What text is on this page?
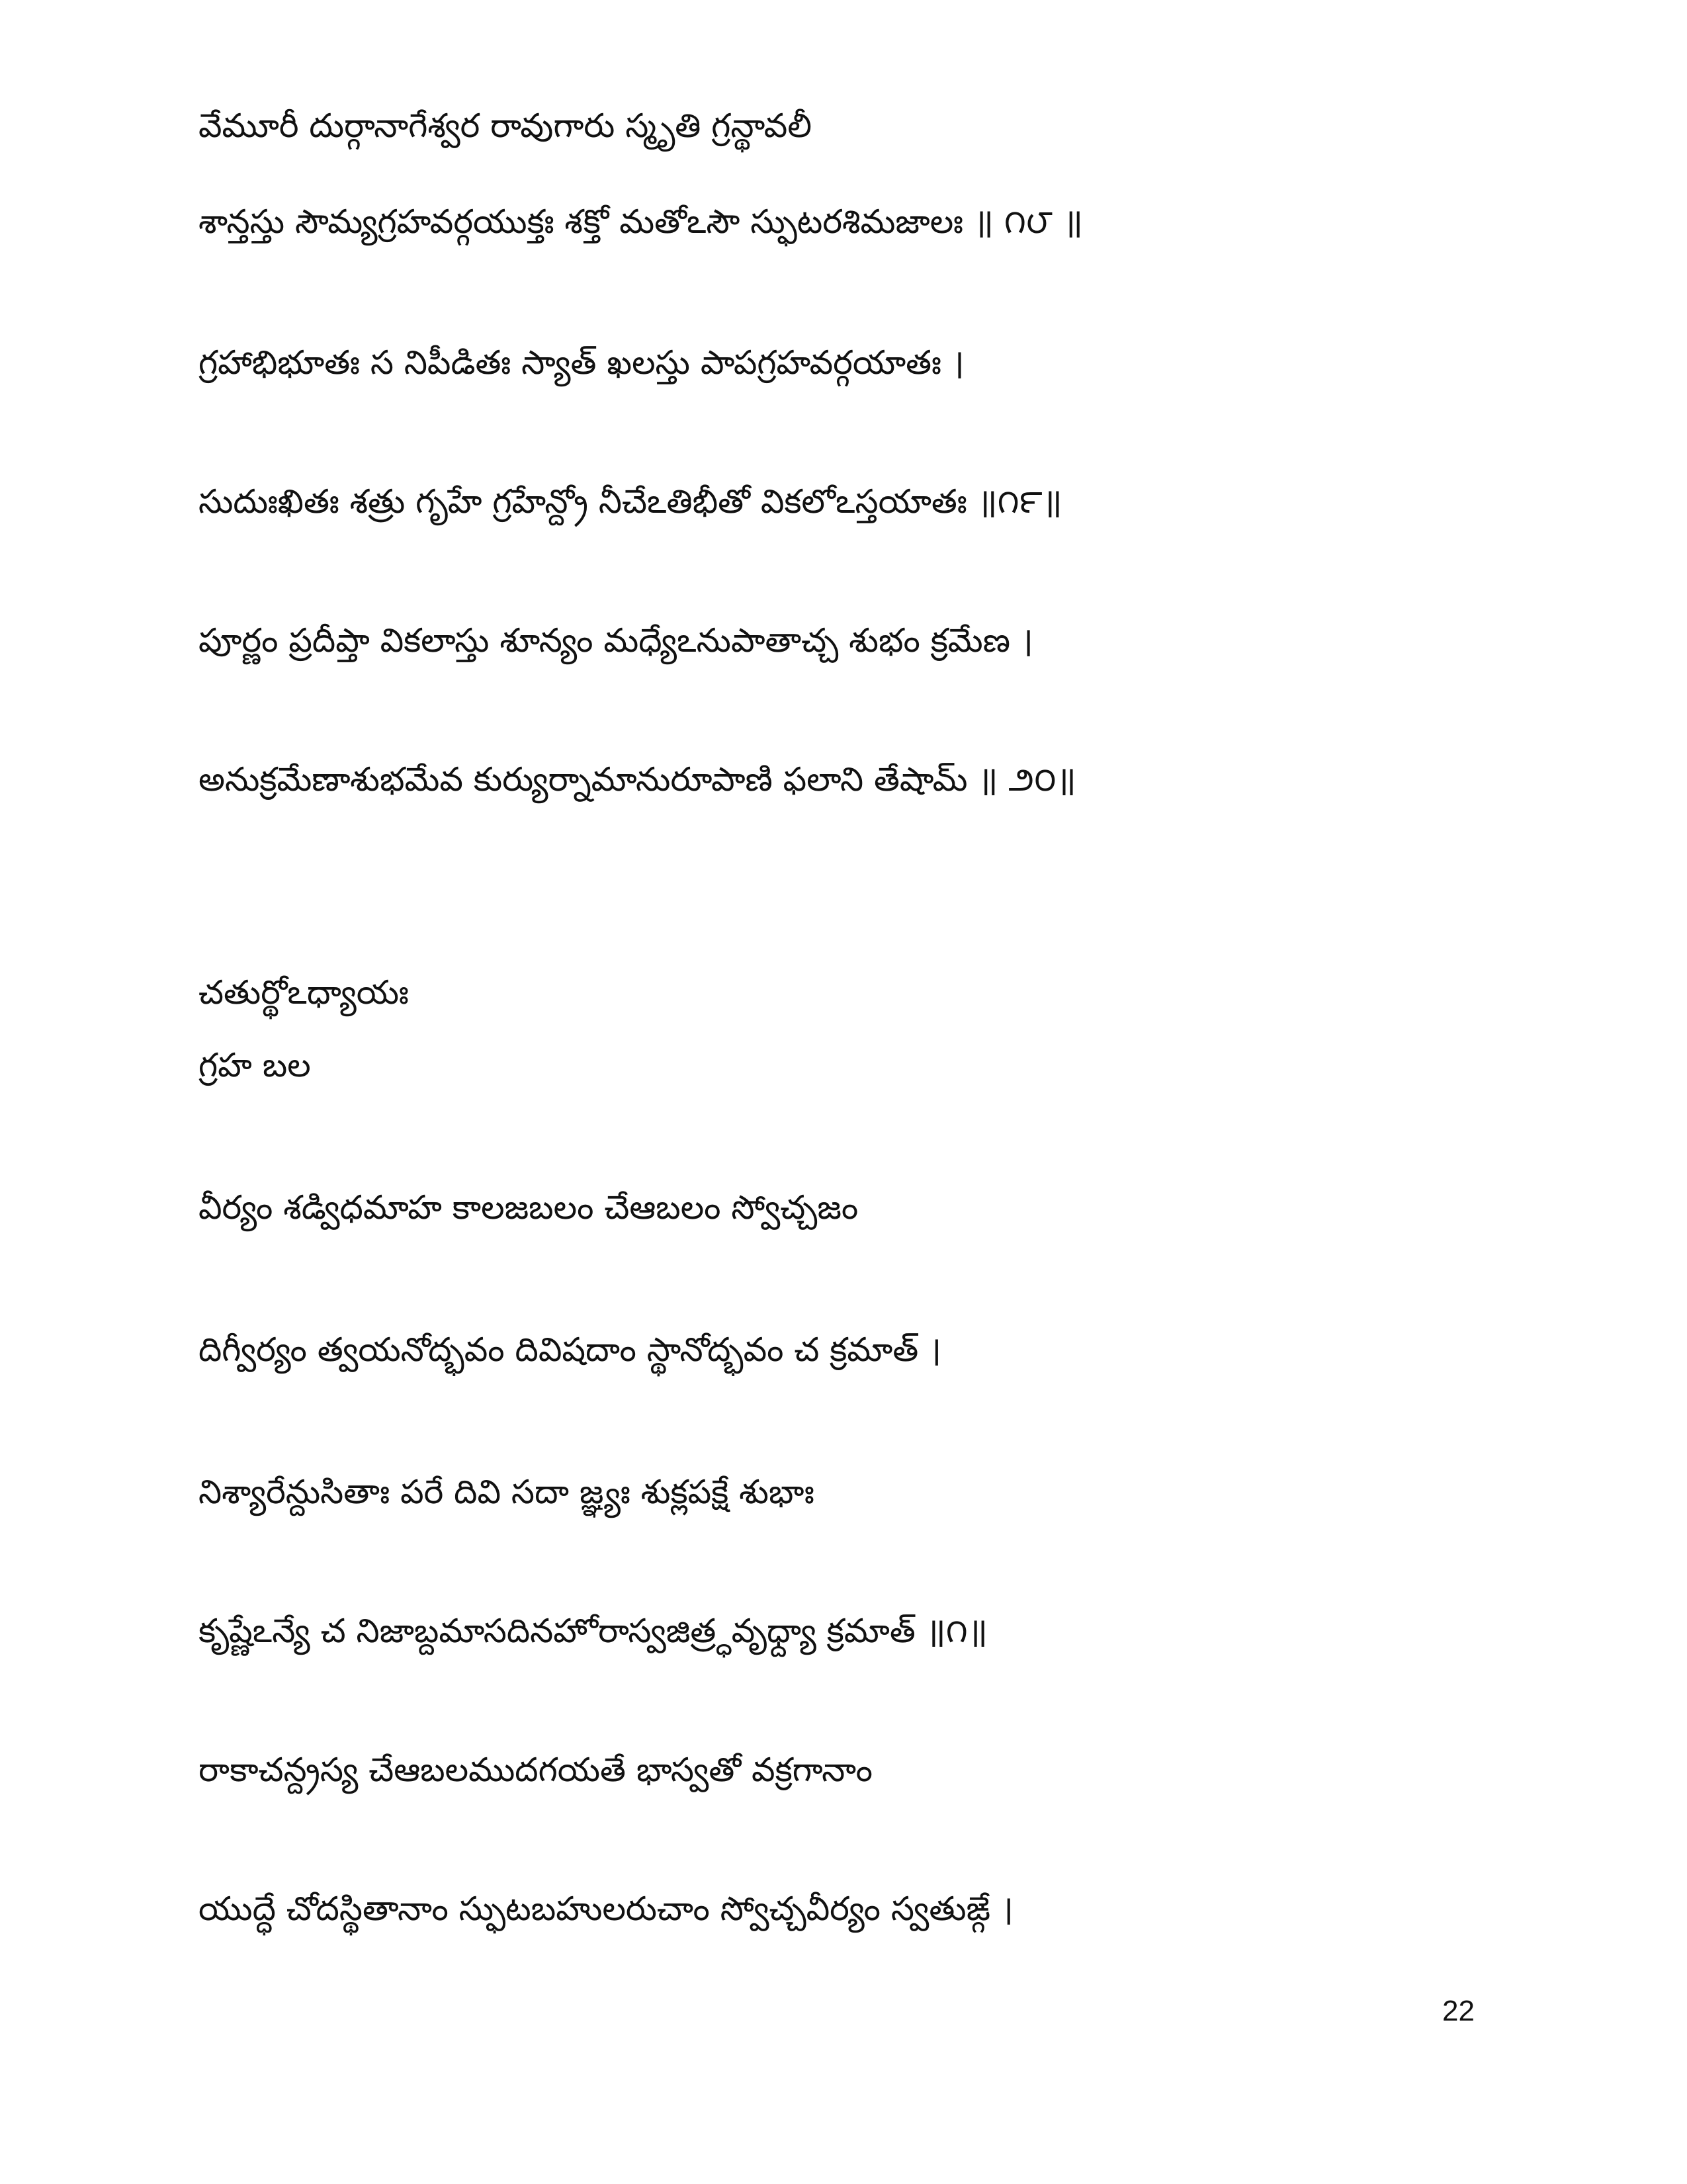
వేమూరీ దుర్గానాగేశ్వర రావుగారు స్మృతి గ్రన్థావలీ
శాన్తస్తు సౌమ్యగ్రహవర్గయుక్తః శక్తో మతోఽసౌ స్ఫుటరశిమజాలః ॥ ౧౮ ॥
గ్రహాభిభూతః స నిపీడితః స్యాత్ ఖలస్తు పాపగ్రహవర్గయాతః ।
సుదుఃఖితః శత్రు గృహే గ్రహేన్ద్రో నీచేఽతిభీతో వికలోఽస్తయాతః ॥౧౯॥
పూర్ణం ప్రదీప్తా వికలాస్తు శూన్యం మధ్యేఽనుపాతాచ్చ శుభం క్రమేణ ।
అనుక్రమేణాశుభమేవ కుర్యుర్నామానురూపాణి ఫలాని తేషామ్ ॥ ౨౦॥
చతుర్థోఽధ్యాయః
గ్రహ బల
వీర్యం శడ్విధమాహ కాలజబలం చేఆబలం స్వోచ్చజం
దిగ్వీర్యం త్వయనోద్భవం దివిషదాం స్థానోద్భవం చ క్రమాత్ ।
నిశ్యారేన్దుసితాః పరే దివి సదా జ్ఞ్యః శుక్లపక్షే శుభాః
కృష్ణేఽన్యే చ నిజాబ్దమాసదినహోరాస్వజిత్ర్ధవృధ్ద్యా క్రమాత్ ॥౧॥
రాకాచన్ద్రస్య చేఆబలముదగయతే భాస్వతో వక్రగానాం
యుద్ధే చోదస్థితానాం స్ఫుటబహులరుచాం స్వోచ్చవీర్యం స్వతుఙ్గే ।
22
